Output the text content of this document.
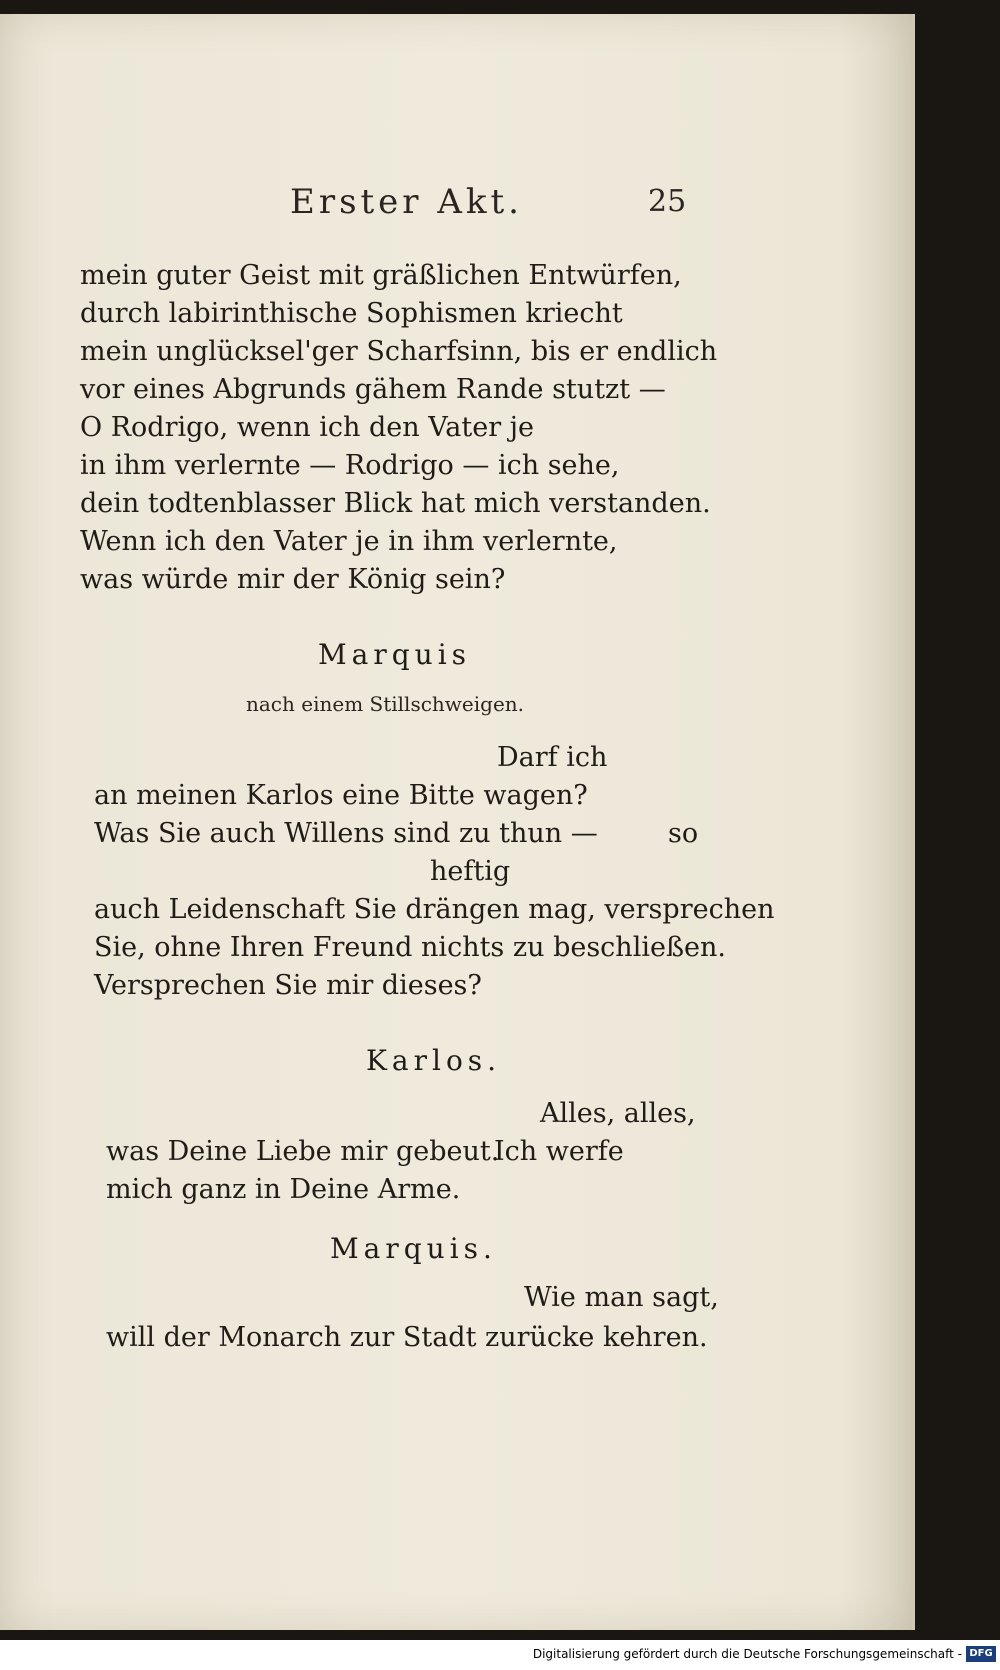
Erster Akt.	25
mein guter Geist mit gräßlichen Entwürfen,
durch labirinthische Sophismen kriecht
mein unglücksel'ger Scharfsinn, bis er endlich
vor eines Abgrunds gähem Rande stutzt —
O Rodrigo, wenn ich den Vater je
in ihm verlernte — Rodrigo — ich sehe,
dein todtenblasser Blick hat mich verstanden.
Wenn ich den Vater je in ihm verlernte,
was würde mir der König sein?
Marquis
nach einem Stillschweigen.
Darf ich
an meinen Karlos eine Bitte wagen?
Was Sie auch Willens sind zu thun —	so
heftig
auch Leidenschaft Sie drängen mag, versprechen
Sie, ohne Ihren Freund nichts zu beschließen.
Versprechen Sie mir dieses?
Karlos.
Alles, alles,
was Deine Liebe mir gebeut.
Ich werfe
mich ganz in Deine Arme.
Marquis.
Wie man sagt,
will der Monarch zur Stadt zurücke kehren.
Digitalisierung gefördert durch die Deutsche Forschungsgemeinschaft - DFG
